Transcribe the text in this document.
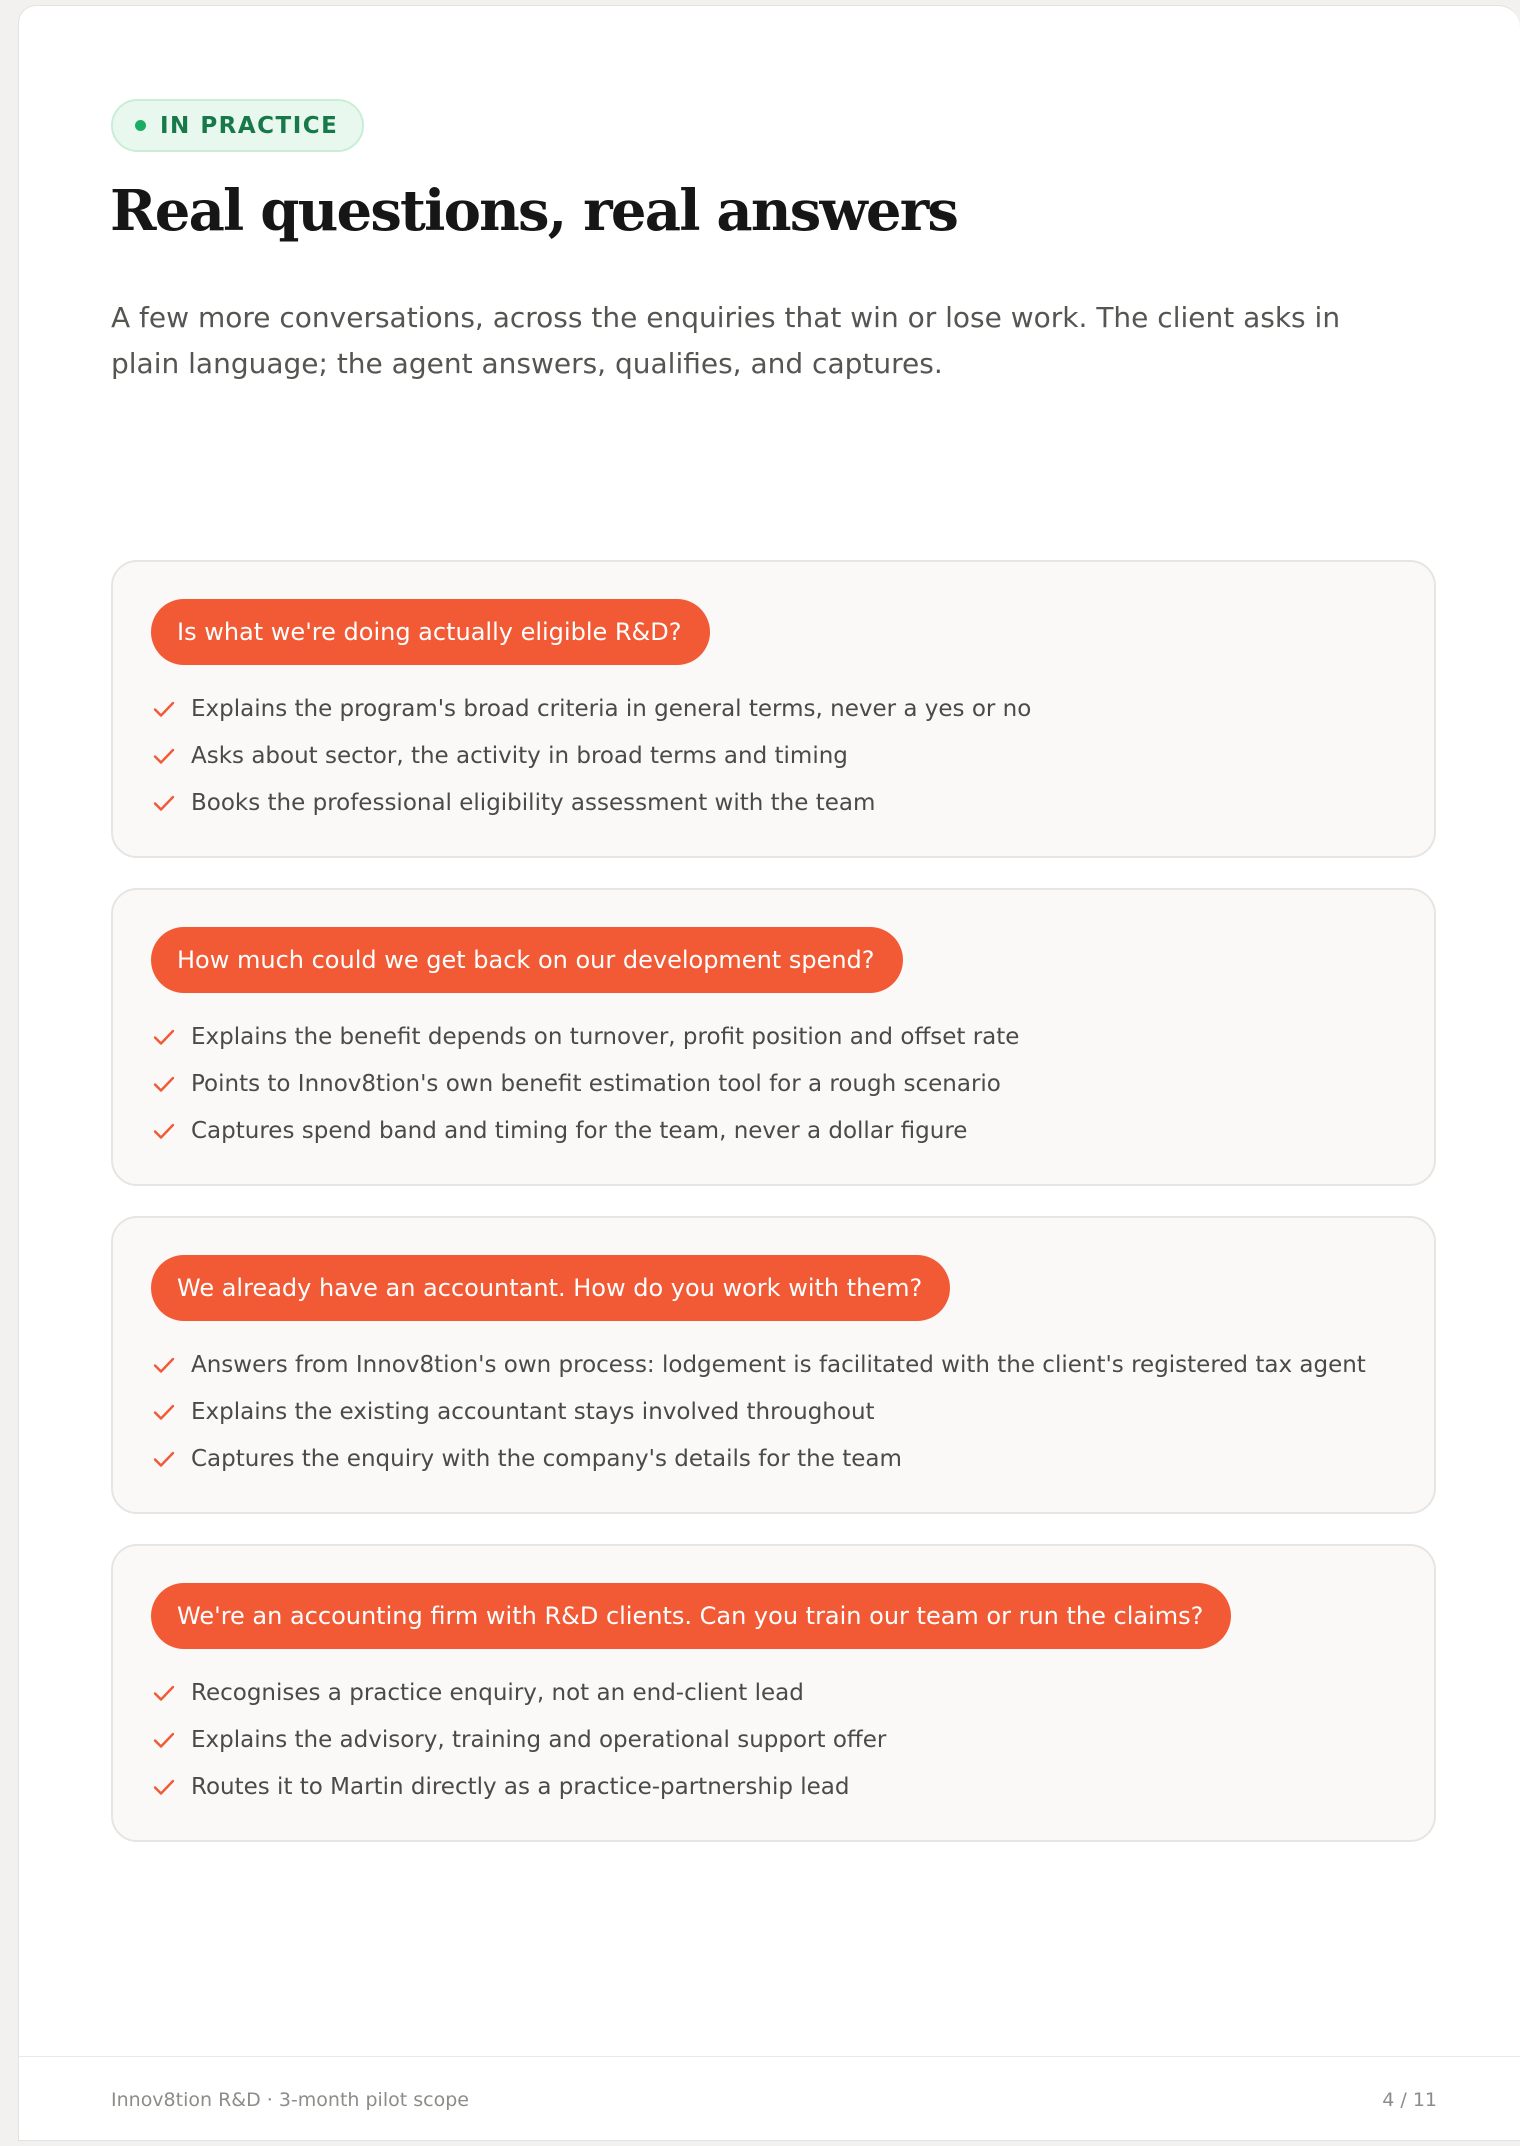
IN PRACTICE
Real questions, real answers

A few more conversations, across the enquiries that win or lose work. The client asks in plain language; the agent answers, qualifies, and captures.

Is what we're doing actually eligible R&D?
Explains the program's broad criteria in general terms, never a yes or no
Asks about sector, the activity in broad terms and timing
Books the professional eligibility assessment with the team
How much could we get back on our development spend?
Explains the benefit depends on turnover, profit position and offset rate
Points to Innov8tion's own benefit estimation tool for a rough scenario
Captures spend band and timing for the team, never a dollar figure
We already have an accountant. How do you work with them?
Answers from Innov8tion's own process: lodgement is facilitated with the client's registered tax agent
Explains the existing accountant stays involved throughout
Captures the enquiry with the company's details for the team
We're an accounting firm with R&D clients. Can you train our team or run the claims?
Recognises a practice enquiry, not an end-client lead
Explains the advisory, training and operational support offer
Routes it to Martin directly as a practice-partnership lead
Innov8tion R&D · 3-month pilot scope	4 / 11
